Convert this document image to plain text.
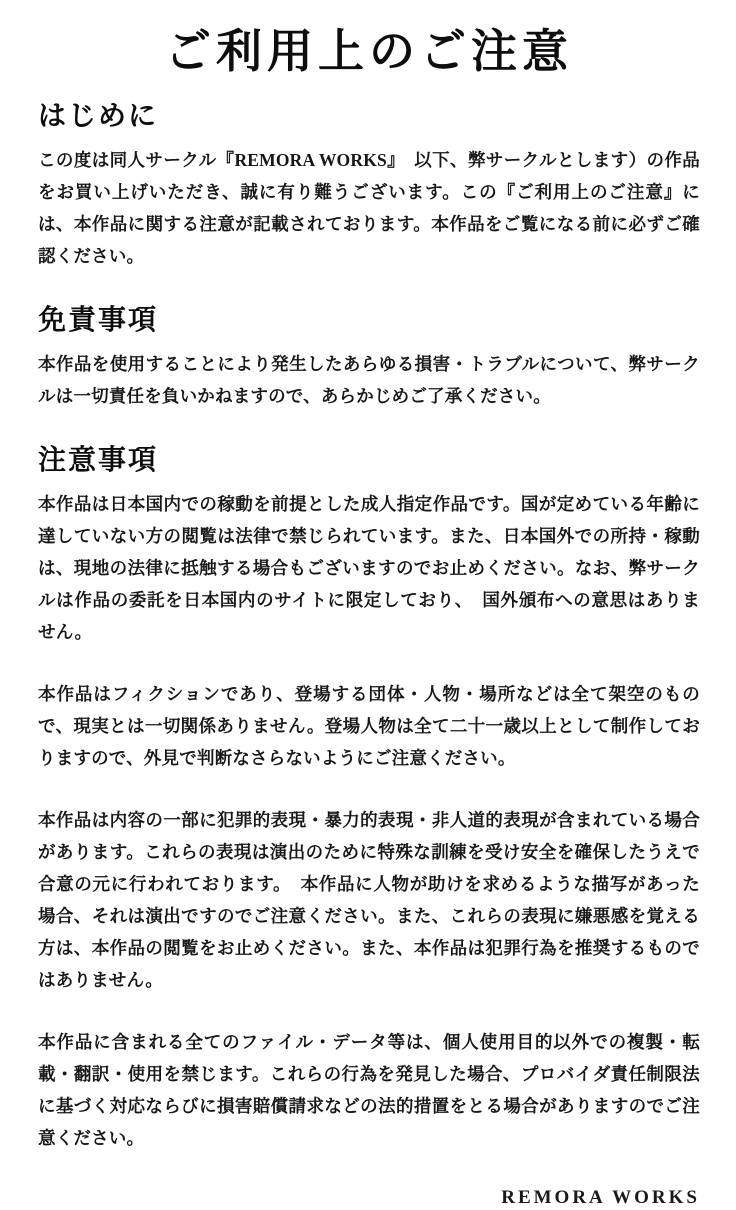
ご利用上のご注意
はじめに

この度は同人サークル『REMORA WORKS』　以下、弊サークルとします）の作品をお買い上げいただき、誠に有り難うございます。この『ご利用上のご注意』には、本作品に関する注意が記載されております。本作品をご覧になる前に必ずご確認ください。

免責事項

本作品を使用することにより発生したあらゆる損害・トラブルについて、弊サークルは一切責任を負いかねますので、あらかじめご了承ください。

注意事項

本作品は日本国内での稼動を前提とした成人指定作品です。国が定めている年齢に達していない方の閲覧は法律で禁じられています。また、日本国外での所持・稼動は、現地の法律に抵触する場合もございますのでお止めください。なお、弊サークルは作品の委託を日本国内のサイトに限定しており、　国外頒布への意思はありません。

本作品はフィクションであり、登場する団体・人物・場所などは全て架空のもので、現実とは一切関係ありません。登場人物は全て二十一歳以上として制作しておりますので、外見で判断なさらないようにご注意ください。

本作品は内容の一部に犯罪的表現・暴力的表現・非人道的表現が含まれている場合があります。これらの表現は演出のために特殊な訓練を受け安全を確保したうえで合意の元に行われております。　本作品に人物が助けを求めるような描写があった場合、それは演出ですのでご注意ください。また、これらの表現に嫌悪感を覚える方は、本作品の閲覧をお止めください。また、本作品は犯罪行為を推奨するものではありません。

本作品に含まれる全てのファイル・データ等は、個人使用目的以外での複製・転載・翻訳・使用を禁じます。これらの行為を発見した場合、プロバイダ責任制限法に基づく対応ならびに損害賠償請求などの法的措置をとる場合がありますのでご注意ください。

REMORA WORKS
